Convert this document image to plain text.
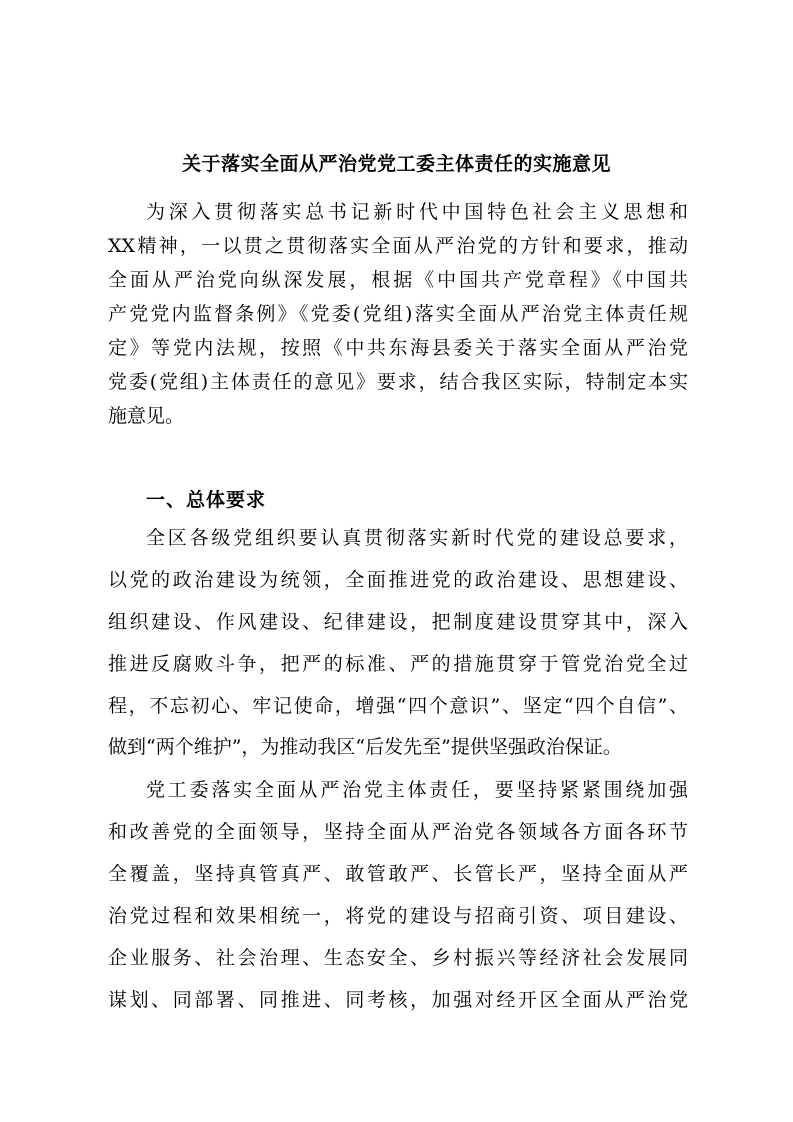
关于落实全面从严治党党工委主体责任的实施意见
为深入贯彻落实总书记新时代中国特色社会主义思想和
XX精神，一以贯之贯彻落实全面从严治党的方针和要求，推动
全面从严治党向纵深发展，根据《中国共产党章程》《中国共
产党党内监督条例》《党委(党组)落实全面从严治党主体责任规
定》等党内法规，按照《中共东海县委关于落实全面从严治党
党委(党组)主体责任的意见》要求，结合我区实际，特制定本实
施意见。
一、总体要求
全区各级党组织要认真贯彻落实新时代党的建设总要求，
以党的政治建设为统领，全面推进党的政治建设、思想建设、
组织建设、作风建设、纪律建设，把制度建设贯穿其中，深入
推进反腐败斗争，把严的标准、严的措施贯穿于管党治党全过
程，不忘初心、牢记使命，增强“四个意识”、坚定“四个自信”、
做到“两个维护”，为推动我区“后发先至”提供坚强政治保证。
党工委落实全面从严治党主体责任，要坚持紧紧围绕加强
和改善党的全面领导，坚持全面从严治党各领域各方面各环节
全覆盖，坚持真管真严、敢管敢严、长管长严，坚持全面从严
治党过程和效果相统一，将党的建设与招商引资、项目建设、
企业服务、社会治理、生态安全、乡村振兴等经济社会发展同
谋划、同部署、同推进、同考核，加强对经开区全面从严治党
